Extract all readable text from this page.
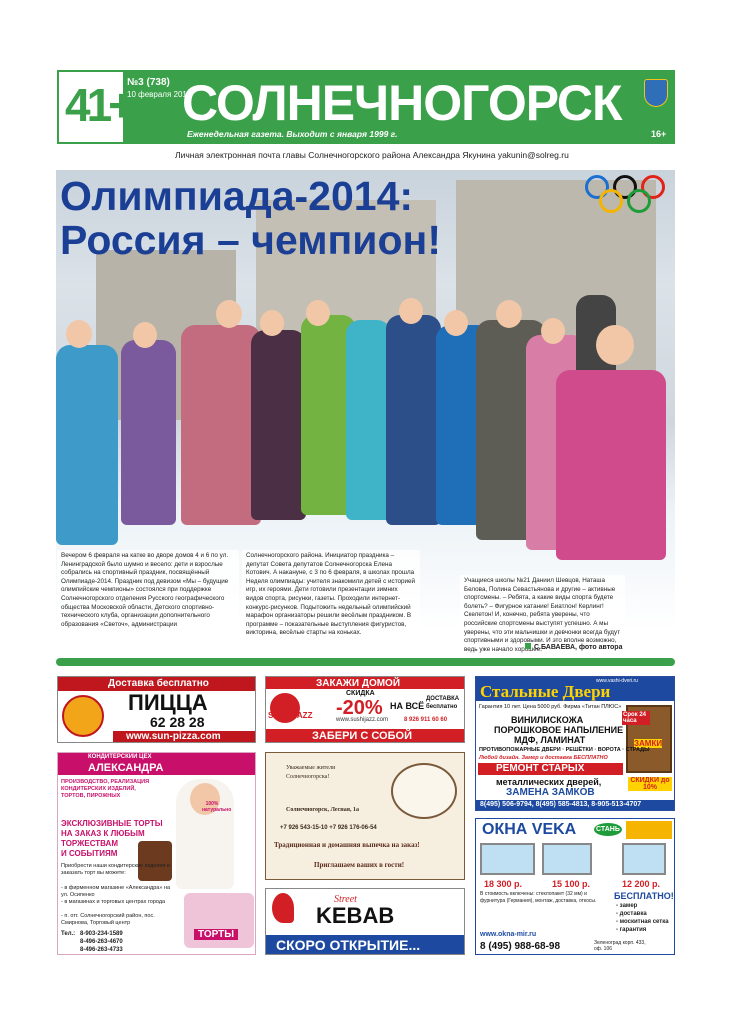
41+
№3 (738)
10 февраля 2014
СОЛНЕЧНОГОРСК
Еженедельная газета. Выходит с января 1999 г.	16+
Личная электронная почта главы Солнечногорского района Александра Якунина yakunin@solreg.ru
Олимпиада-2014:
Россия – чемпион!
Вечером 6 февраля на катке во дворе домов 4 и 6 по ул. Ленинградской было шумно и весело: дети и взрослые собрались на спортивный праздник, посвящённый Олимпиаде-2014. Праздник под девизом «Мы – будущие олимпийские чемпионы» состоялся при поддержке Солнечногорского отделения Русского географического общества Московской области, Детского спортивно-технического клуба, организации дополнительного образования «Светоч», администрации
Солнечногорского района. Инициатор праздника – депутат Совета депутатов Солнечногорска Елена Котович. А накануне, с 3 по 6 февраля, в школах прошла Неделя олимпиады: учителя знакомили детей с историей игр, их героями. Дети готовили презентации зимних видов спорта, рисунки, газеты. Проходили интернет-конкурс-рисунков. Подытожить недельный олимпийский марафон организаторы решили весёлым праздником. В программе – показательные выступления фигуристов, викторина, весёлые старты на коньках.
Учащиеся школы №21 Даниил Шевцов, Наташа Белова, Полина Севастьянова и другие – активные спортсмены. – Ребята, а какие виды спорта будете болеть? – Фигурное катание! Биатлон! Керлинг! Скелетон! И, конечно, ребята уверены, что российские спортсмены выступят успешно. А мы уверены, что эти мальчишки и девчонки всегда будут спортивными и здоровыми. И это вполне возможно, ведь уже начало хорошее.
С.БАВАЕВА, фото автора
Доставка бесплатно
ПИЦЦА
62 28 28
www.sun-pizza.com
ЗАКАЖИ ДОМОЙ
SUSHIJAZZ
СКИДКА
-20% НА ВСЁ
ДОСТАВКА бесплатно
www.sushijazz.com	8 926 911 60 60
ЗАБЕРИ С СОБОЙ
www.vashi-dveri.ru
Стальные Двери
Гарантия 10 лет. Цена 5000 руб. Фирма «Титан ПЛЮС»
ВИНИЛИСКОЖА
ПОРОШКОВОЕ НАПЫЛЕНИЕ
МДФ, ЛАМИНАТ
Срок 24 часа
ЗАМКИ
ПРОТИВОПОЖАРНЫЕ ДВЕРИ · РЕШЁТКИ · ВОРОТА · СТРАДЫ
Любой дизайн. Замер и доставка БЕСПЛАТНО
РЕМОНТ СТАРЫХ
металлических дверей,
ЗАМЕНА ЗАМКОВ
СКИДКИ до 10%
8(495) 506-9794, 8(495) 585-4813, 8-905-513-4707
КОНДИТЕРСКИЙ ЦЕХ
АЛЕКСАНДРА
ПРОИЗВОДСТВО, РЕАЛИЗАЦИЯ КОНДИТЕРСКИХ ИЗДЕЛИЙ, ТОРТОВ, ПИРОЖНЫХ
100% натурально
ЭКСКЛЮЗИВНЫЕ ТОРТЫ
НА ЗАКАЗ К ЛЮБЫМ
ТОРЖЕСТВАМ
И СОБЫТИЯМ
Приобрести наши кондитерские изделия и заказать торт вы можете:
- в фирменном магазине «Александра» на ул. Осипенко
- в магазинах и торговых центрах города
- п. отг. Солнечногорский район, пос. Смирнова, Торговый центр
Тел.: 8-903-234-1589
8-496-263-4670
8-496-263-4733
ТОРТЫ
Уважаемые жители
Солнечногорска!
Солнечногорск, Лесная, 1а
+7 926 543-15-10 +7 926 176-06-54
Традиционная и домашняя выпечка на заказ!
Приглашаем ваших в гости!
Street
KEBAB
СКОРО ОТКРЫТИЕ...
ОКНА VEKA	СТАНЬ
18 300 р.	15 100 р.	12 200 р.
В стоимость включены: стеклопакет (32 мм) и фурнитура (Германия), монтаж, доставка, откосы.	БЕСПЛАТНО!
- замер
- доставка
- москитная сетка
- гарантия
www.okna-mir.ru
8 (495) 988-68-98	Зеленоград корп. 433, оф. 106
